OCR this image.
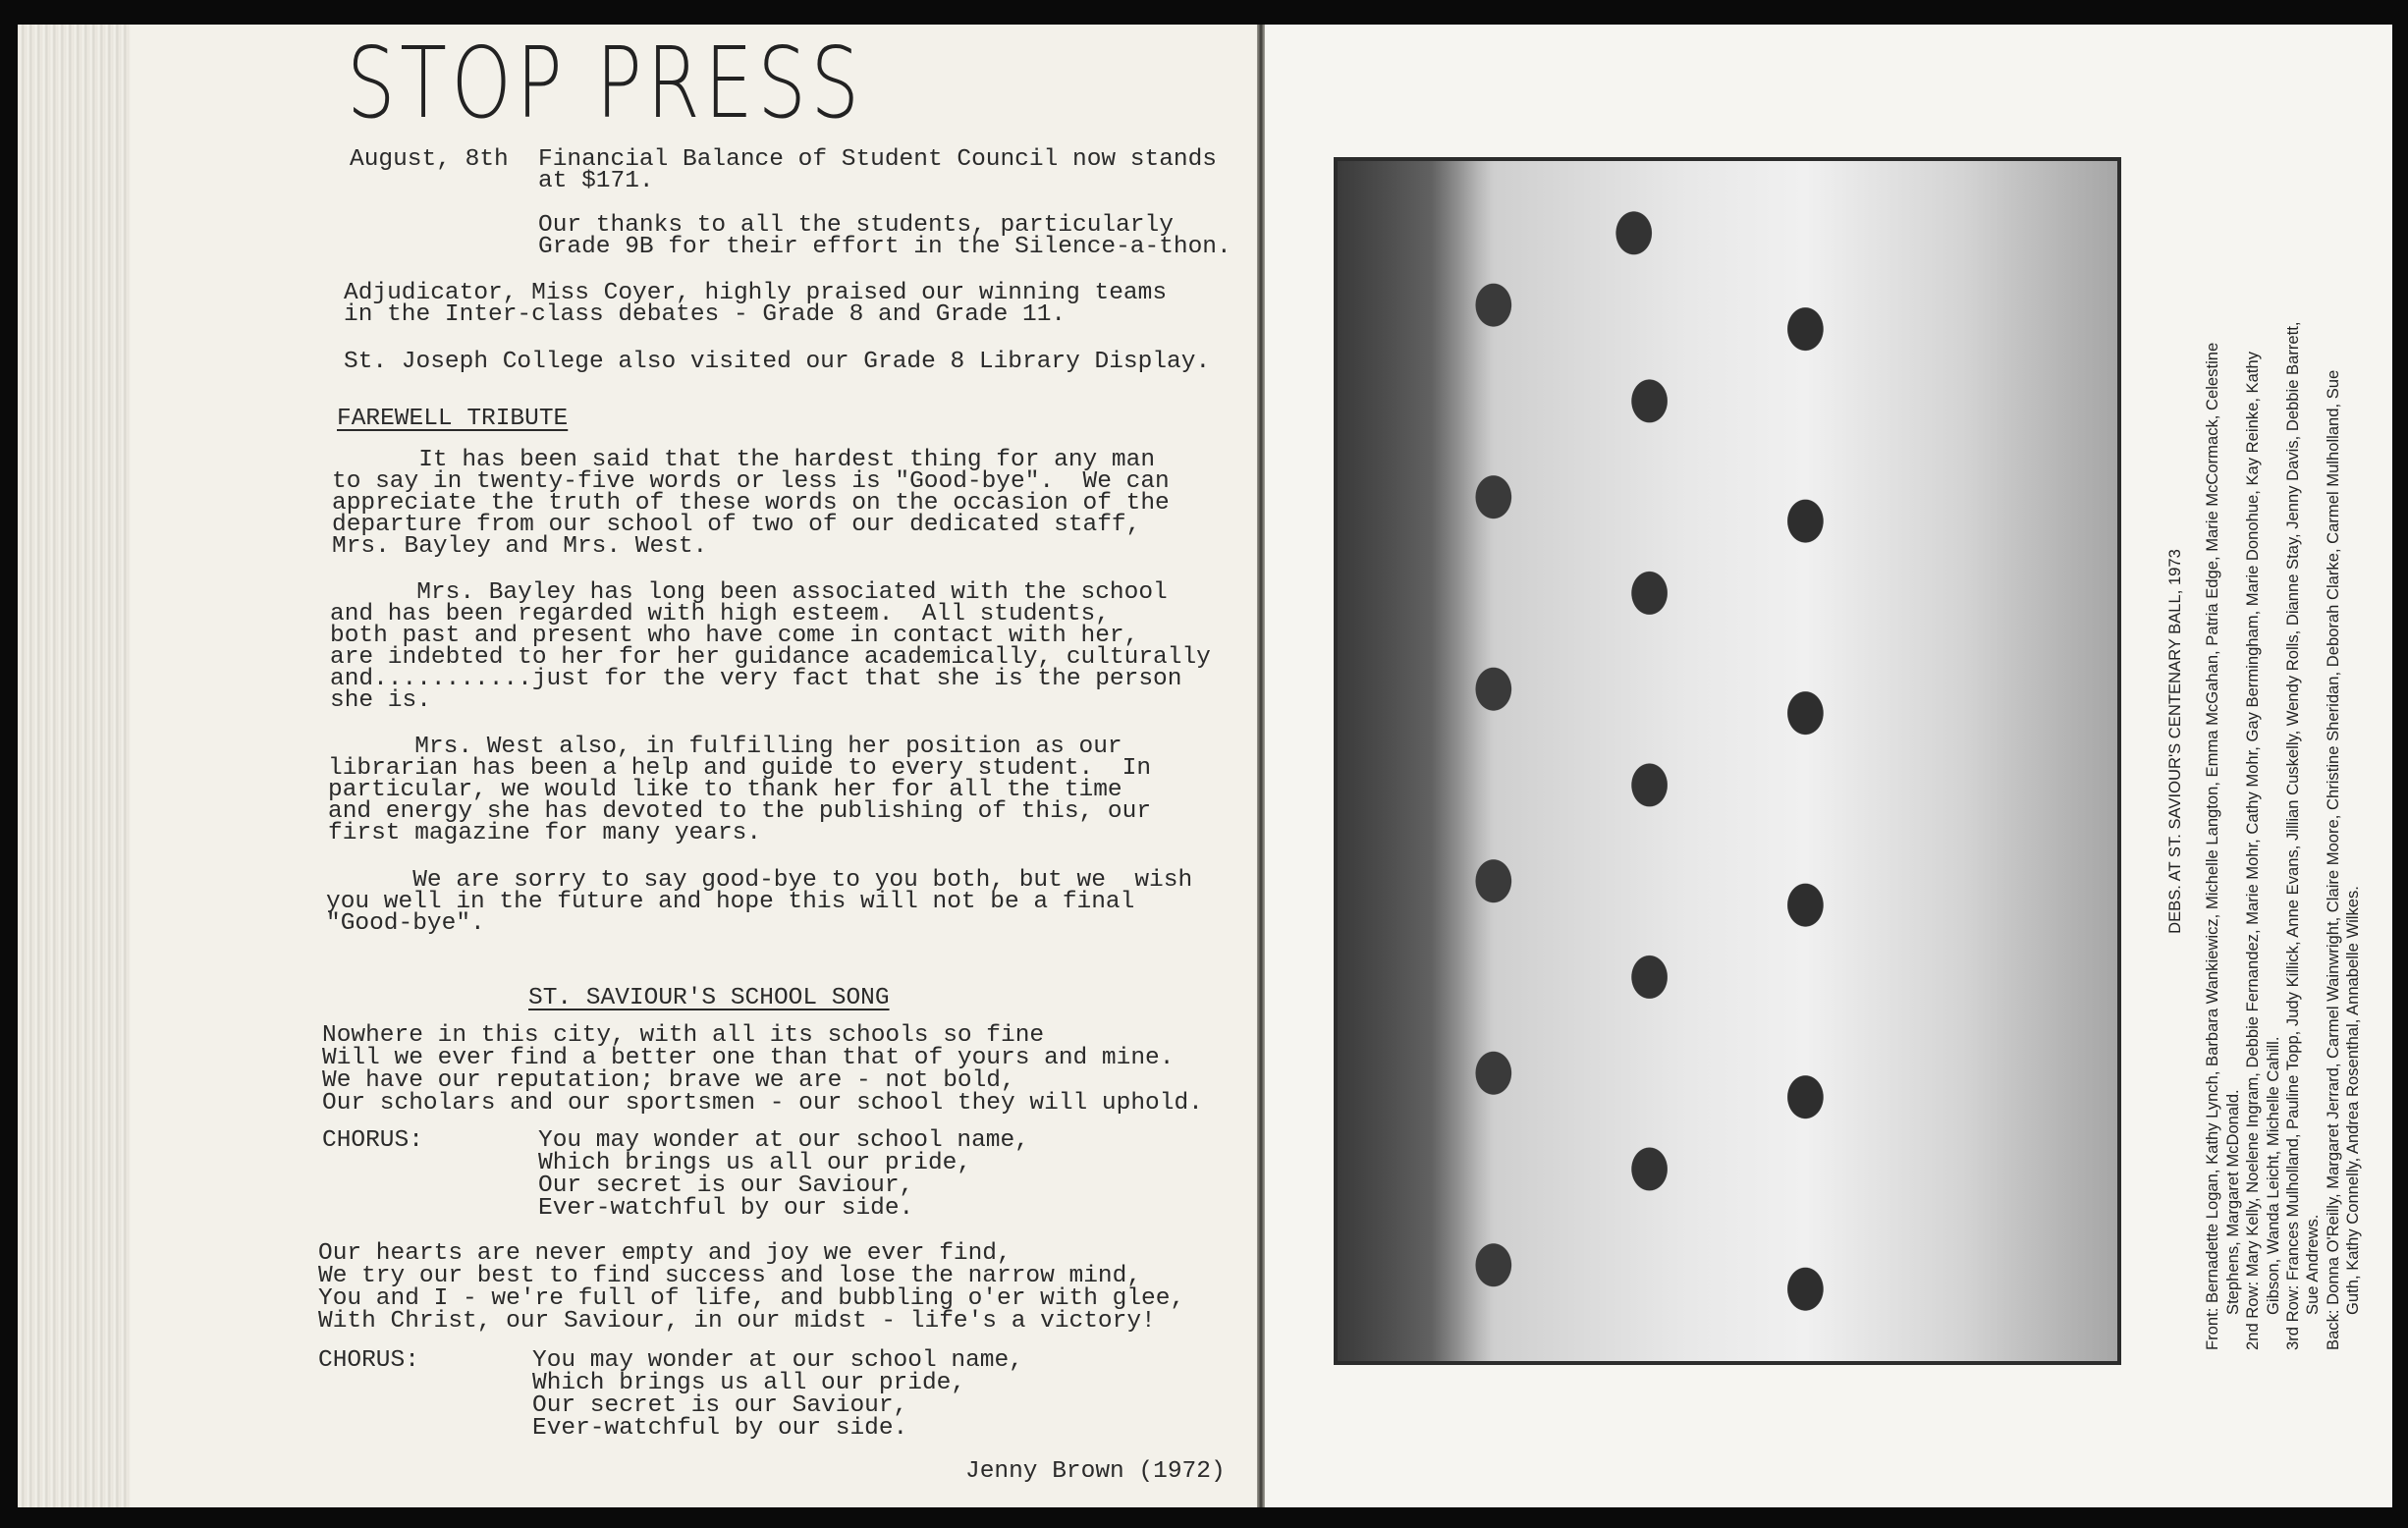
STOP PRESS
August, 8th Financial Balance of Student Council now stands
at $171.
Our thanks to all the students, particularly
Grade 9B for their effort in the Silence-a-thon.
Adjudicator, Miss Coyer, highly praised our winning teams
in the Inter-class debates - Grade 8 and Grade 11.
St. Joseph College also visited our Grade 8 Library Display.
FAREWELL TRIBUTE
It has been said that the hardest thing for any man
to say in twenty-five words or less is "Good-bye".  We can
appreciate the truth of these words on the occasion of the
departure from our school of two of our dedicated staff,
Mrs. Bayley and Mrs. West.
Mrs. Bayley has long been associated with the school
and has been regarded with high esteem.  All students,
both past and present who have come in contact with her,
are indebted to her for her guidance academically, culturally
and...........just for the very fact that she is the person
she is.
Mrs. West also, in fulfilling her position as our
librarian has been a help and guide to every student.  In
particular, we would like to thank her for all the time
and energy she has devoted to the publishing of this, our
first magazine for many years.
We are sorry to say good-bye to you both, but we  wish
you well in the future and hope this will not be a final
"Good-bye".
ST. SAVIOUR'S SCHOOL SONG
Nowhere in this city, with all its schools so fine
Will we ever find a better one than that of yours and mine.
We have our reputation; brave we are - not bold,
Our scholars and our sportsmen - our school they will uphold.
CHORUS:	You may wonder at our school name,
Which brings us all our pride,
Our secret is our Saviour,
Ever-watchful by our side.
Our hearts are never empty and joy we ever find,
We try our best to find success and lose the narrow mind,
You and I - we're full of life, and bubbling o'er with glee,
With Christ, our Saviour, in our midst - life's a victory!
CHORUS:	You may wonder at our school name,
Which brings us all our pride,
Our secret is our Saviour,
Ever-watchful by our side.
Jenny Brown (1972)
DEBS. AT ST. SAVIOUR'S CENTENARY BALL, 1973 Front: Bernadette Logan, Kathy Lynch, Barbara Wankiewicz, Michelle Langton, Emma McGahan, Patria Edge, Marie McCormack, Celestine Stephens, Margaret McDonald. 2nd Row: Mary Kelly, Noelene Ingram, Debbie Fernandez, Marie Mohr, Cathy Mohr, Gay Bermingham, Marie Donohue, Kay Reinke, Kathy Gibson, Wanda Leicht, Michelle Cahill. 3rd Row: Frances Mulholland, Pauline Topp, Judy Killick, Anne Evans, Jillian Cuskelly, Wendy Rolls, Dianne Stay, Jenny Davis, Debbie Barrett, Sue Andrews. Back: Donna O'Reilly, Margaret Jerrard, Carmel Wainwright, Claire Moore, Christine Sheridan, Deborah Clarke, Carmel Mulholland, Sue Guth, Kathy Connelly, Andrea Rosenthal, Annabelle Wilkes.
